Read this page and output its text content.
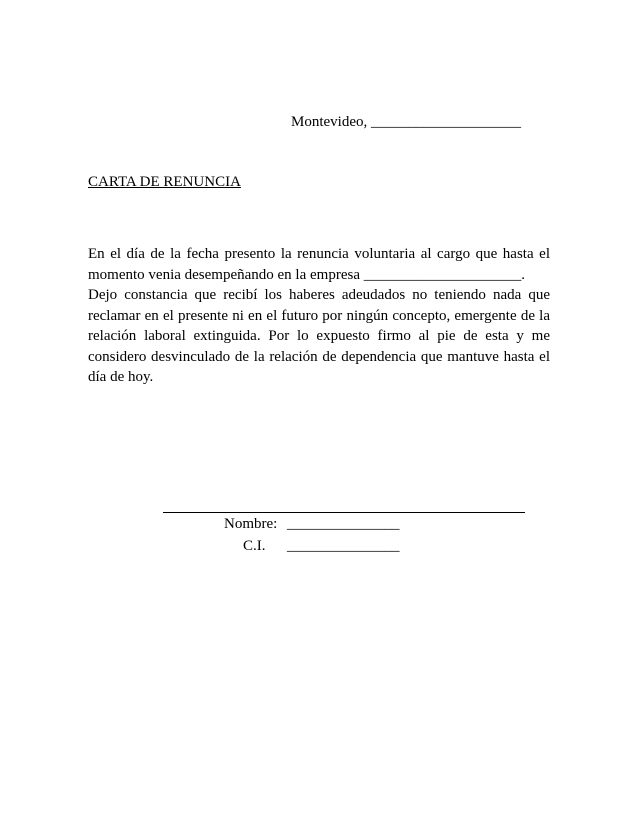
Montevideo, ____________________
CARTA DE RENUNCIA

En el día de la fecha presento la renuncia voluntaria al cargo que hasta el momento venia desempeñando en la empresa _____________________.

Dejo constancia que recibí los haberes adeudados no teniendo nada que reclamar en el presente ni en el futuro por ningún concepto, emergente de la relación laboral extinguida. Por lo expuesto firmo al pie de esta y me considero desvinculado de la relación de dependencia que mantuve hasta el día de hoy.

Nombre: _______________
C.I. _______________
